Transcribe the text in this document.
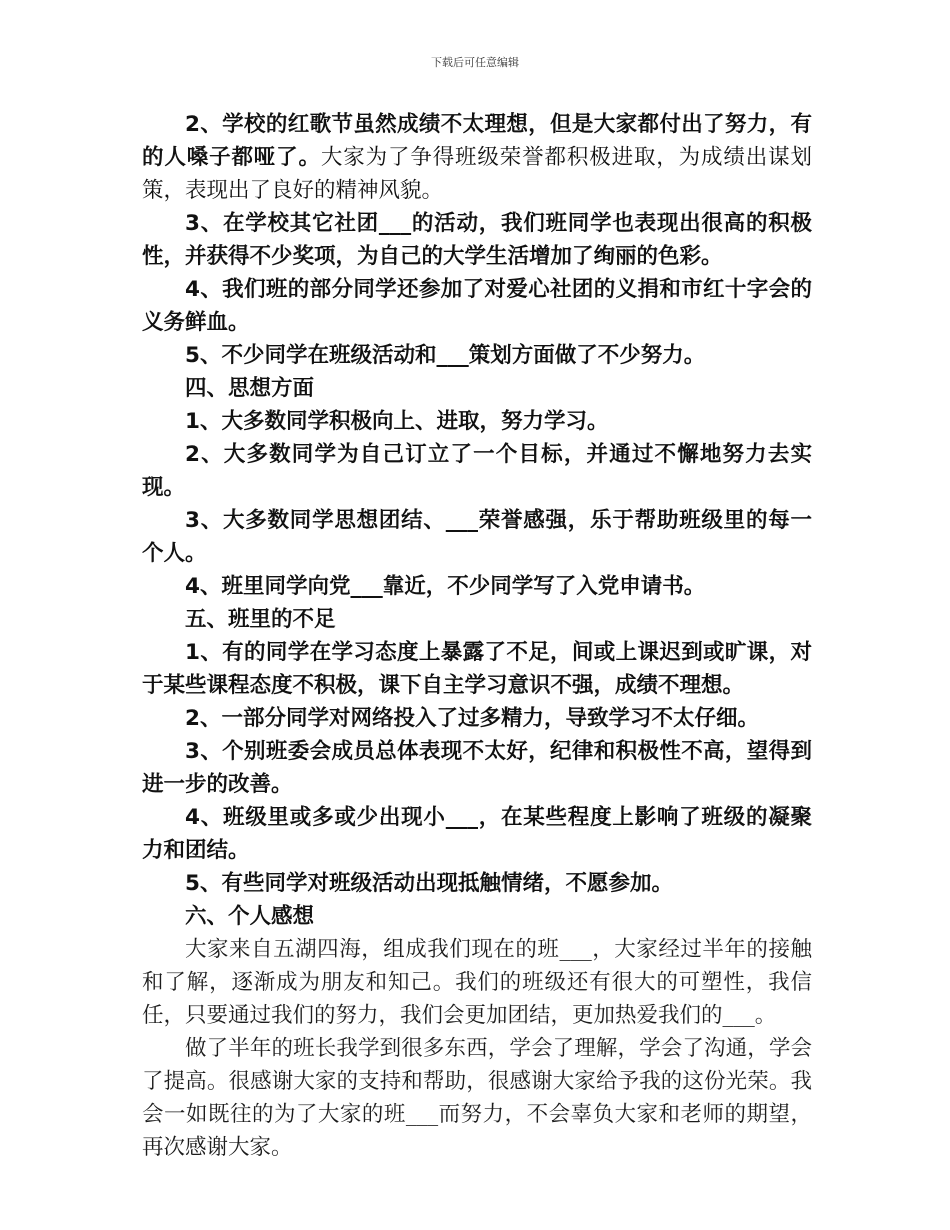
下载后可任意编辑

2、学校的红歌节虽然成绩不太理想，但是大家都付出了努力，有的人嗓子都哑了。大家为了争得班级荣誉都积极进取，为成绩出谋划策，表现出了良好的精神风貌。

3、在学校其它社团___的活动，我们班同学也表现出很高的积极性，并获得不少奖项，为自己的大学生活增加了绚丽的色彩。

4、我们班的部分同学还参加了对爱心社团的义捐和市红十字会的义务鲜血。

5、不少同学在班级活动和___策划方面做了不少努力。

四、思想方面

1、大多数同学积极向上、进取，努力学习。

2、大多数同学为自己订立了一个目标，并通过不懈地努力去实现。

3、大多数同学思想团结、___荣誉感强，乐于帮助班级里的每一个人。

4、班里同学向党___靠近，不少同学写了入党申请书。

五、班里的不足

1、有的同学在学习态度上暴露了不足，间或上课迟到或旷课，对于某些课程态度不积极，课下自主学习意识不强，成绩不理想。

2、一部分同学对网络投入了过多精力，导致学习不太仔细。

3、个别班委会成员总体表现不太好，纪律和积极性不高，望得到进一步的改善。

4、班级里或多或少出现小___，在某些程度上影响了班级的凝聚力和团结。

5、有些同学对班级活动出现抵触情绪，不愿参加。

六、个人感想

大家来自五湖四海，组成我们现在的班___，大家经过半年的接触和了解，逐渐成为朋友和知己。我们的班级还有很大的可塑性，我信任，只要通过我们的努力，我们会更加团结，更加热爱我们的___。

做了半年的班长我学到很多东西，学会了理解，学会了沟通，学会了提高。很感谢大家的支持和帮助，很感谢大家给予我的这份光荣。我会一如既往的为了大家的班___而努力，不会辜负大家和老师的期望，再次感谢大家。
